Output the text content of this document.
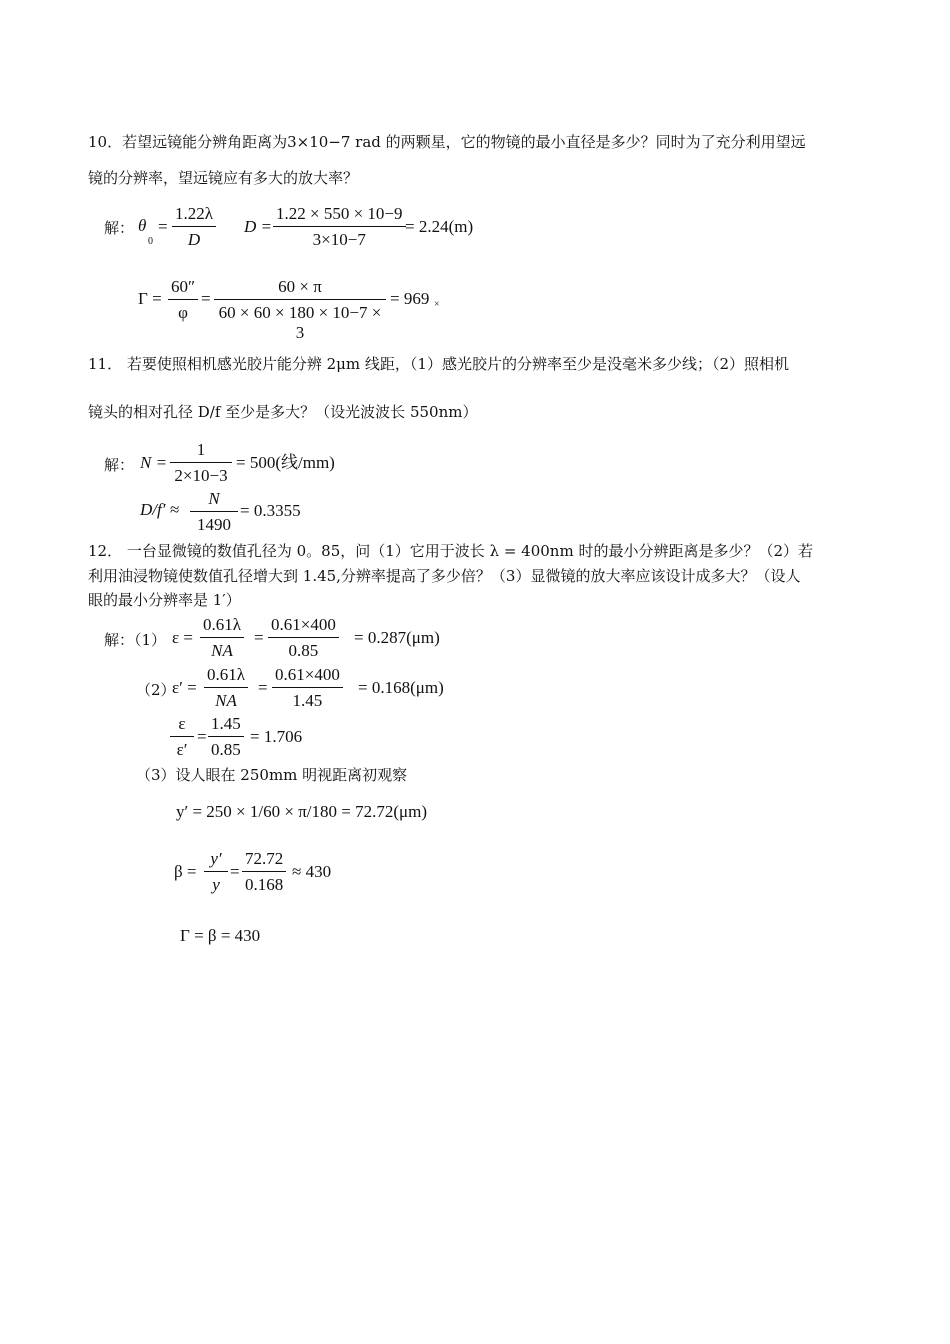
10．若望远镜能分辨角距离为3×10−7 rad 的两颗星，它的物镜的最小直径是多少？同时为了充分利用望远
镜的分辨率，望远镜应有多大的放大率？
解： θ
0
= $\frac{1.22\lambda}{D}$ $D = \frac{1.22 \times 550 \times 10-9}{3\times 10-7} = 2.24(m)$
$\Gamma = \frac{60''}{\varphi} = \frac{60 \times \pi}{60 \times 60 \times 180 \times 10-7 \times 3} = 969$ ×
11． 若要使照相机感光胶片能分辨 2μm 线距，（1）感光胶片的分辨率至少是没毫米多少线；（2）照相机
镜头的相对孔径 D/f 至少是多大？（设光波波长 550nm）
解： $N = \frac{1}{2\times 10-3} = 500$(线/mm)
$D/f' \approx \frac{N}{1490} = 0.3355$
12． 一台显微镜的数值孔径为 0。85，问（1）它用于波长 λ = 400nm 时的最小分辨距离是多少？（2）若
利用油浸物镜使数值孔径增大到 1.45,分辨率提高了多少倍？（3）显微镜的放大率应该设计成多大？（设人
眼的最小分辨率是 1′）
解：（1） $\varepsilon = \frac{0.61\lambda}{NA} = \frac{0.61\times 400}{0.85} = 0.287(\mu m)$
（2）
$\varepsilon' = \frac{0.61\lambda}{NA} = \frac{0.61\times 400}{1.45} = 0.168(\mu m)$
$\frac{\varepsilon}{\varepsilon'} = \frac{1.45}{0.85} = 1.706$
（3）设人眼在 250mm 明视距离初观察
y′ = 250 × 1/60 × π/180 = 72.72(μm)
$\beta = \frac{y'}{y} = \frac{72.72}{0.168} \approx 430$
Γ = β = 430
